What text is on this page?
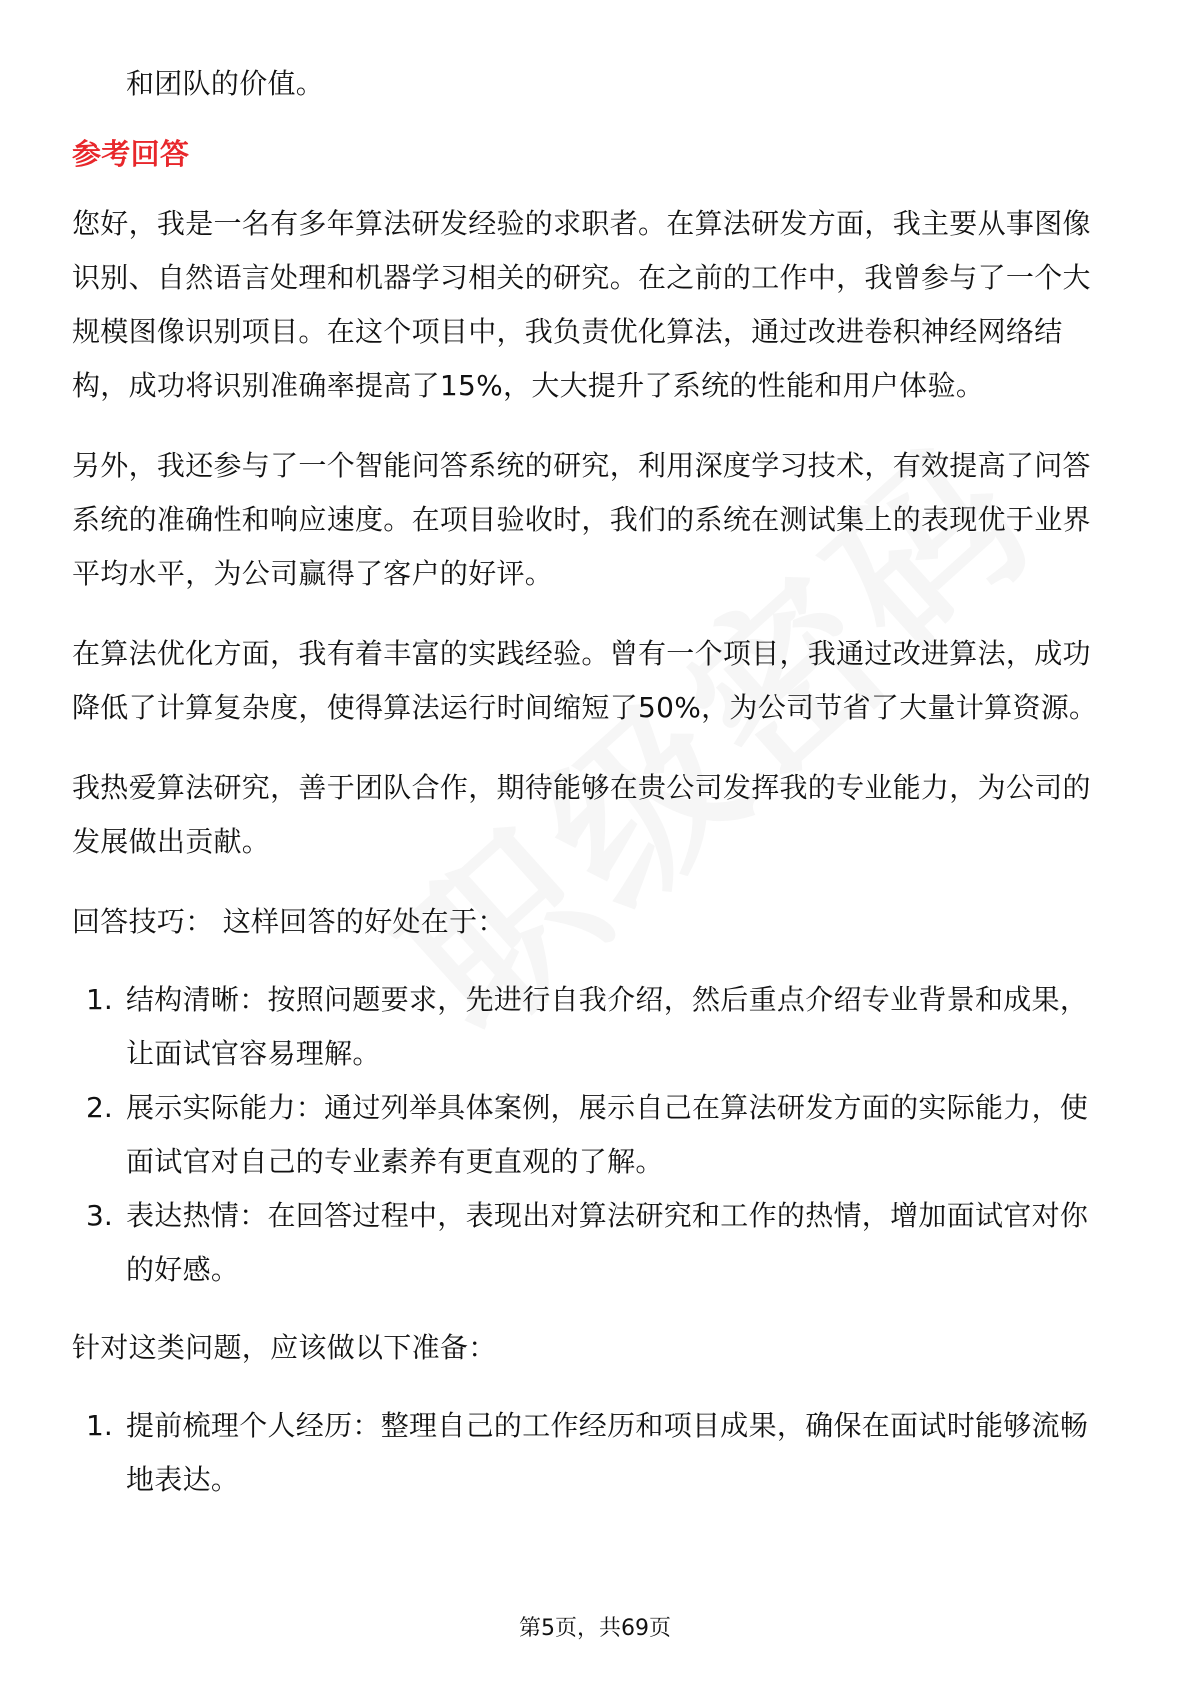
和团队的价值。
参考回答
您好，我是一名有多年算法研发经验的求职者。在算法研发方面，我主要从事图像
识别、自然语言处理和机器学习相关的研究。在之前的工作中，我曾参与了一个大
规模图像识别项目。在这个项目中，我负责优化算法，通过改进卷积神经网络结
构，成功将识别准确率提高了15%，大大提升了系统的性能和用户体验。
另外，我还参与了一个智能问答系统的研究，利用深度学习技术，有效提高了问答
系统的准确性和响应速度。在项目验收时，我们的系统在测试集上的表现优于业界
平均水平，为公司赢得了客户的好评。
在算法优化方面，我有着丰富的实践经验。曾有一个项目，我通过改进算法，成功
降低了计算复杂度，使得算法运行时间缩短了50%，为公司节省了大量计算资源。
我热爱算法研究，善于团队合作，期待能够在贵公司发挥我的专业能力，为公司的
发展做出贡献。
回答技巧： 这样回答的好处在于：
1. 结构清晰：按照问题要求，先进行自我介绍，然后重点介绍专业背景和成果，
让面试官容易理解。
2. 展示实际能力：通过列举具体案例，展示自己在算法研发方面的实际能力，使
面试官对自己的专业素养有更直观的了解。
3. 表达热情：在回答过程中，表现出对算法研究和工作的热情，增加面试官对你
的好感。
针对这类问题，应该做以下准备：
1. 提前梳理个人经历：整理自己的工作经历和项目成果，确保在面试时能够流畅
地表达。
第5页，共69页
